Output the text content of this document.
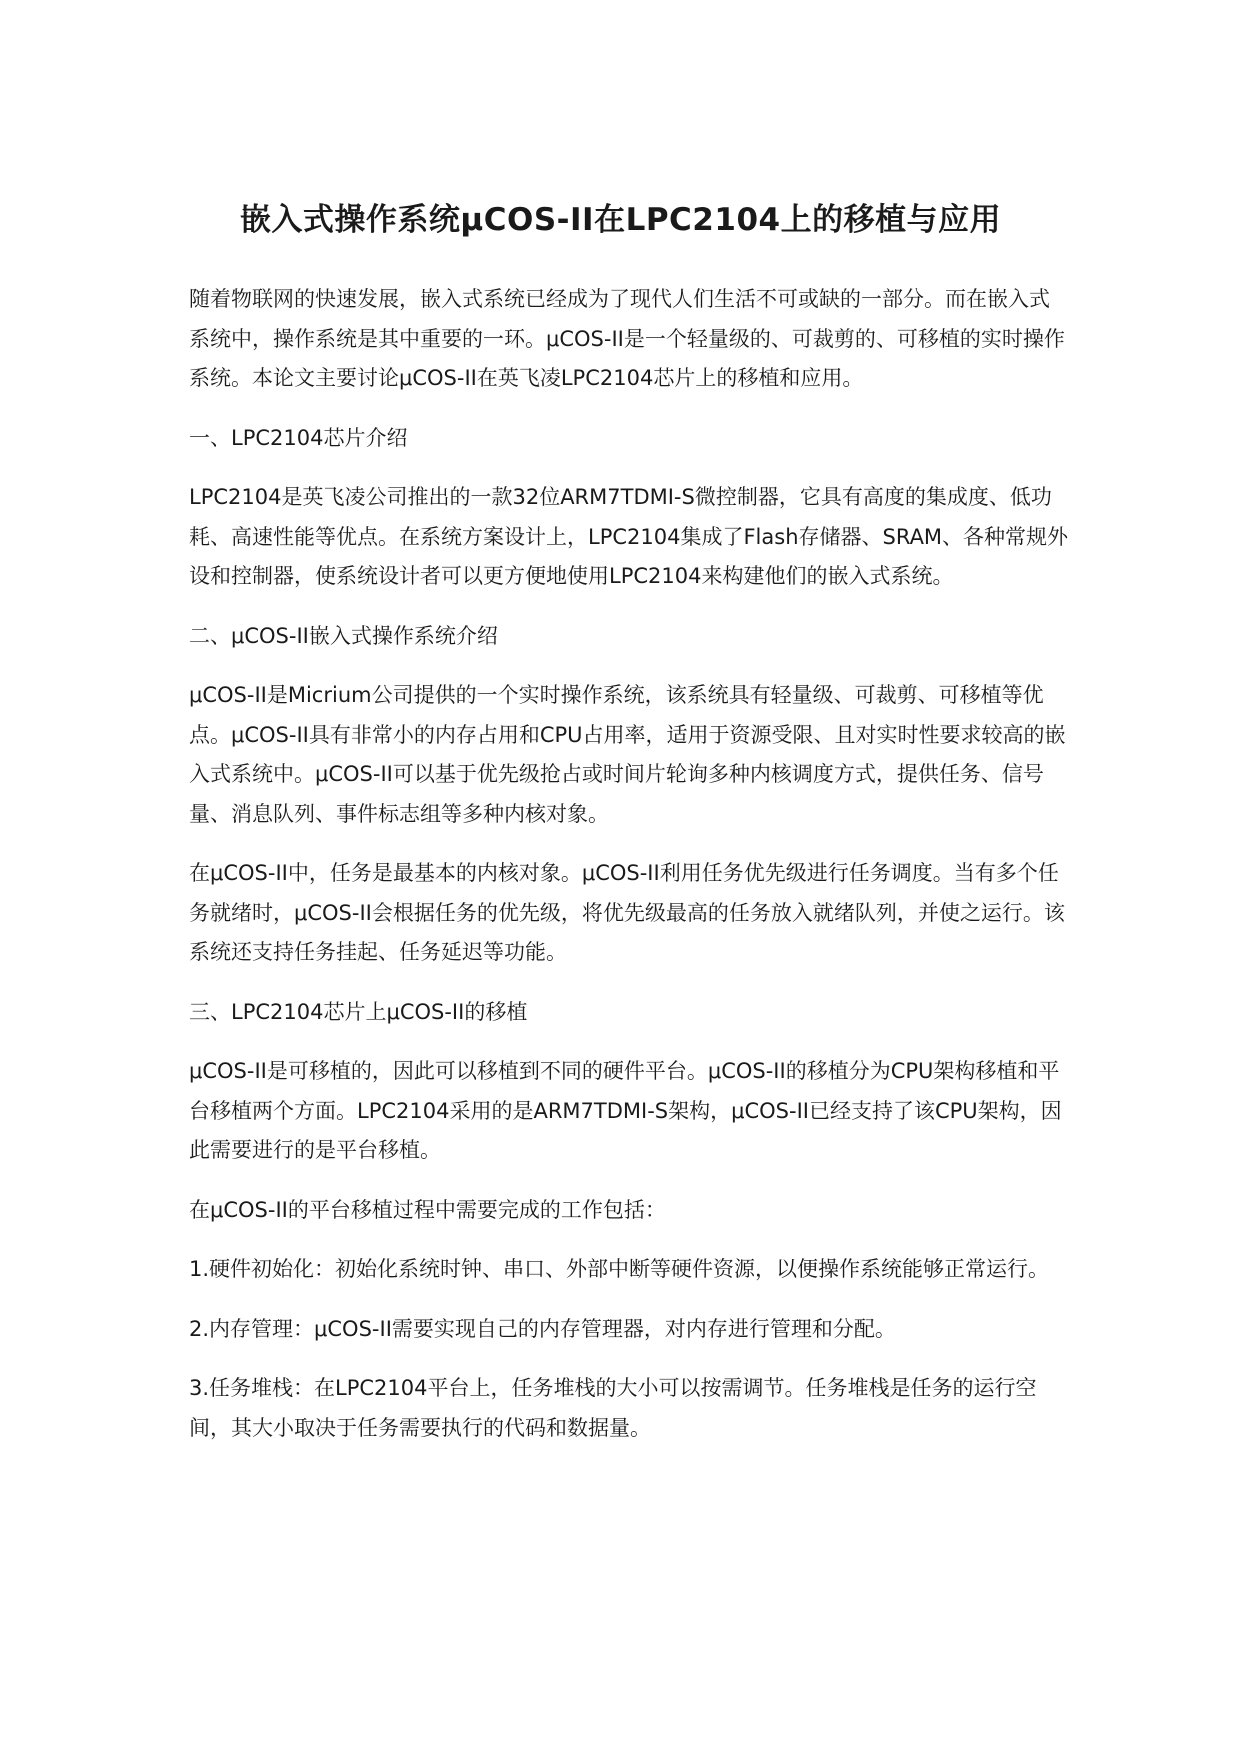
嵌入式操作系统μCOS-II在LPC2104上的移植与应用

随着物联网的快速发展，嵌入式系统已经成为了现代人们生活不可或缺的一部分。而在嵌入式系统中，操作系统是其中重要的一环。μCOS-II是一个轻量级的、可裁剪的、可移植的实时操作系统。本论文主要讨论μCOS-II在英飞凌LPC2104芯片上的移植和应用。

一、LPC2104芯片介绍

LPC2104是英飞凌公司推出的一款32位ARM7TDMI-S微控制器，它具有高度的集成度、低功耗、高速性能等优点。在系统方案设计上，LPC2104集成了Flash存储器、SRAM、各种常规外设和控制器，使系统设计者可以更方便地使用LPC2104来构建他们的嵌入式系统。

二、μCOS-II嵌入式操作系统介绍

μCOS-II是Micrium公司提供的一个实时操作系统，该系统具有轻量级、可裁剪、可移植等优点。μCOS-II具有非常小的内存占用和CPU占用率，适用于资源受限、且对实时性要求较高的嵌入式系统中。μCOS-II可以基于优先级抢占或时间片轮询多种内核调度方式，提供任务、信号量、消息队列、事件标志组等多种内核对象。

在μCOS-II中，任务是最基本的内核对象。μCOS-II利用任务优先级进行任务调度。当有多个任务就绪时，μCOS-II会根据任务的优先级，将优先级最高的任务放入就绪队列，并使之运行。该系统还支持任务挂起、任务延迟等功能。

三、LPC2104芯片上μCOS-II的移植

μCOS-II是可移植的，因此可以移植到不同的硬件平台。μCOS-II的移植分为CPU架构移植和平台移植两个方面。LPC2104采用的是ARM7TDMI-S架构，μCOS-II已经支持了该CPU架构，因此需要进行的是平台移植。

在μCOS-II的平台移植过程中需要完成的工作包括：

1.硬件初始化：初始化系统时钟、串口、外部中断等硬件资源，以便操作系统能够正常运行。

2.内存管理：μCOS-II需要实现自己的内存管理器，对内存进行管理和分配。

3.任务堆栈：在LPC2104平台上，任务堆栈的大小可以按需调节。任务堆栈是任务的运行空间，其大小取决于任务需要执行的代码和数据量。
